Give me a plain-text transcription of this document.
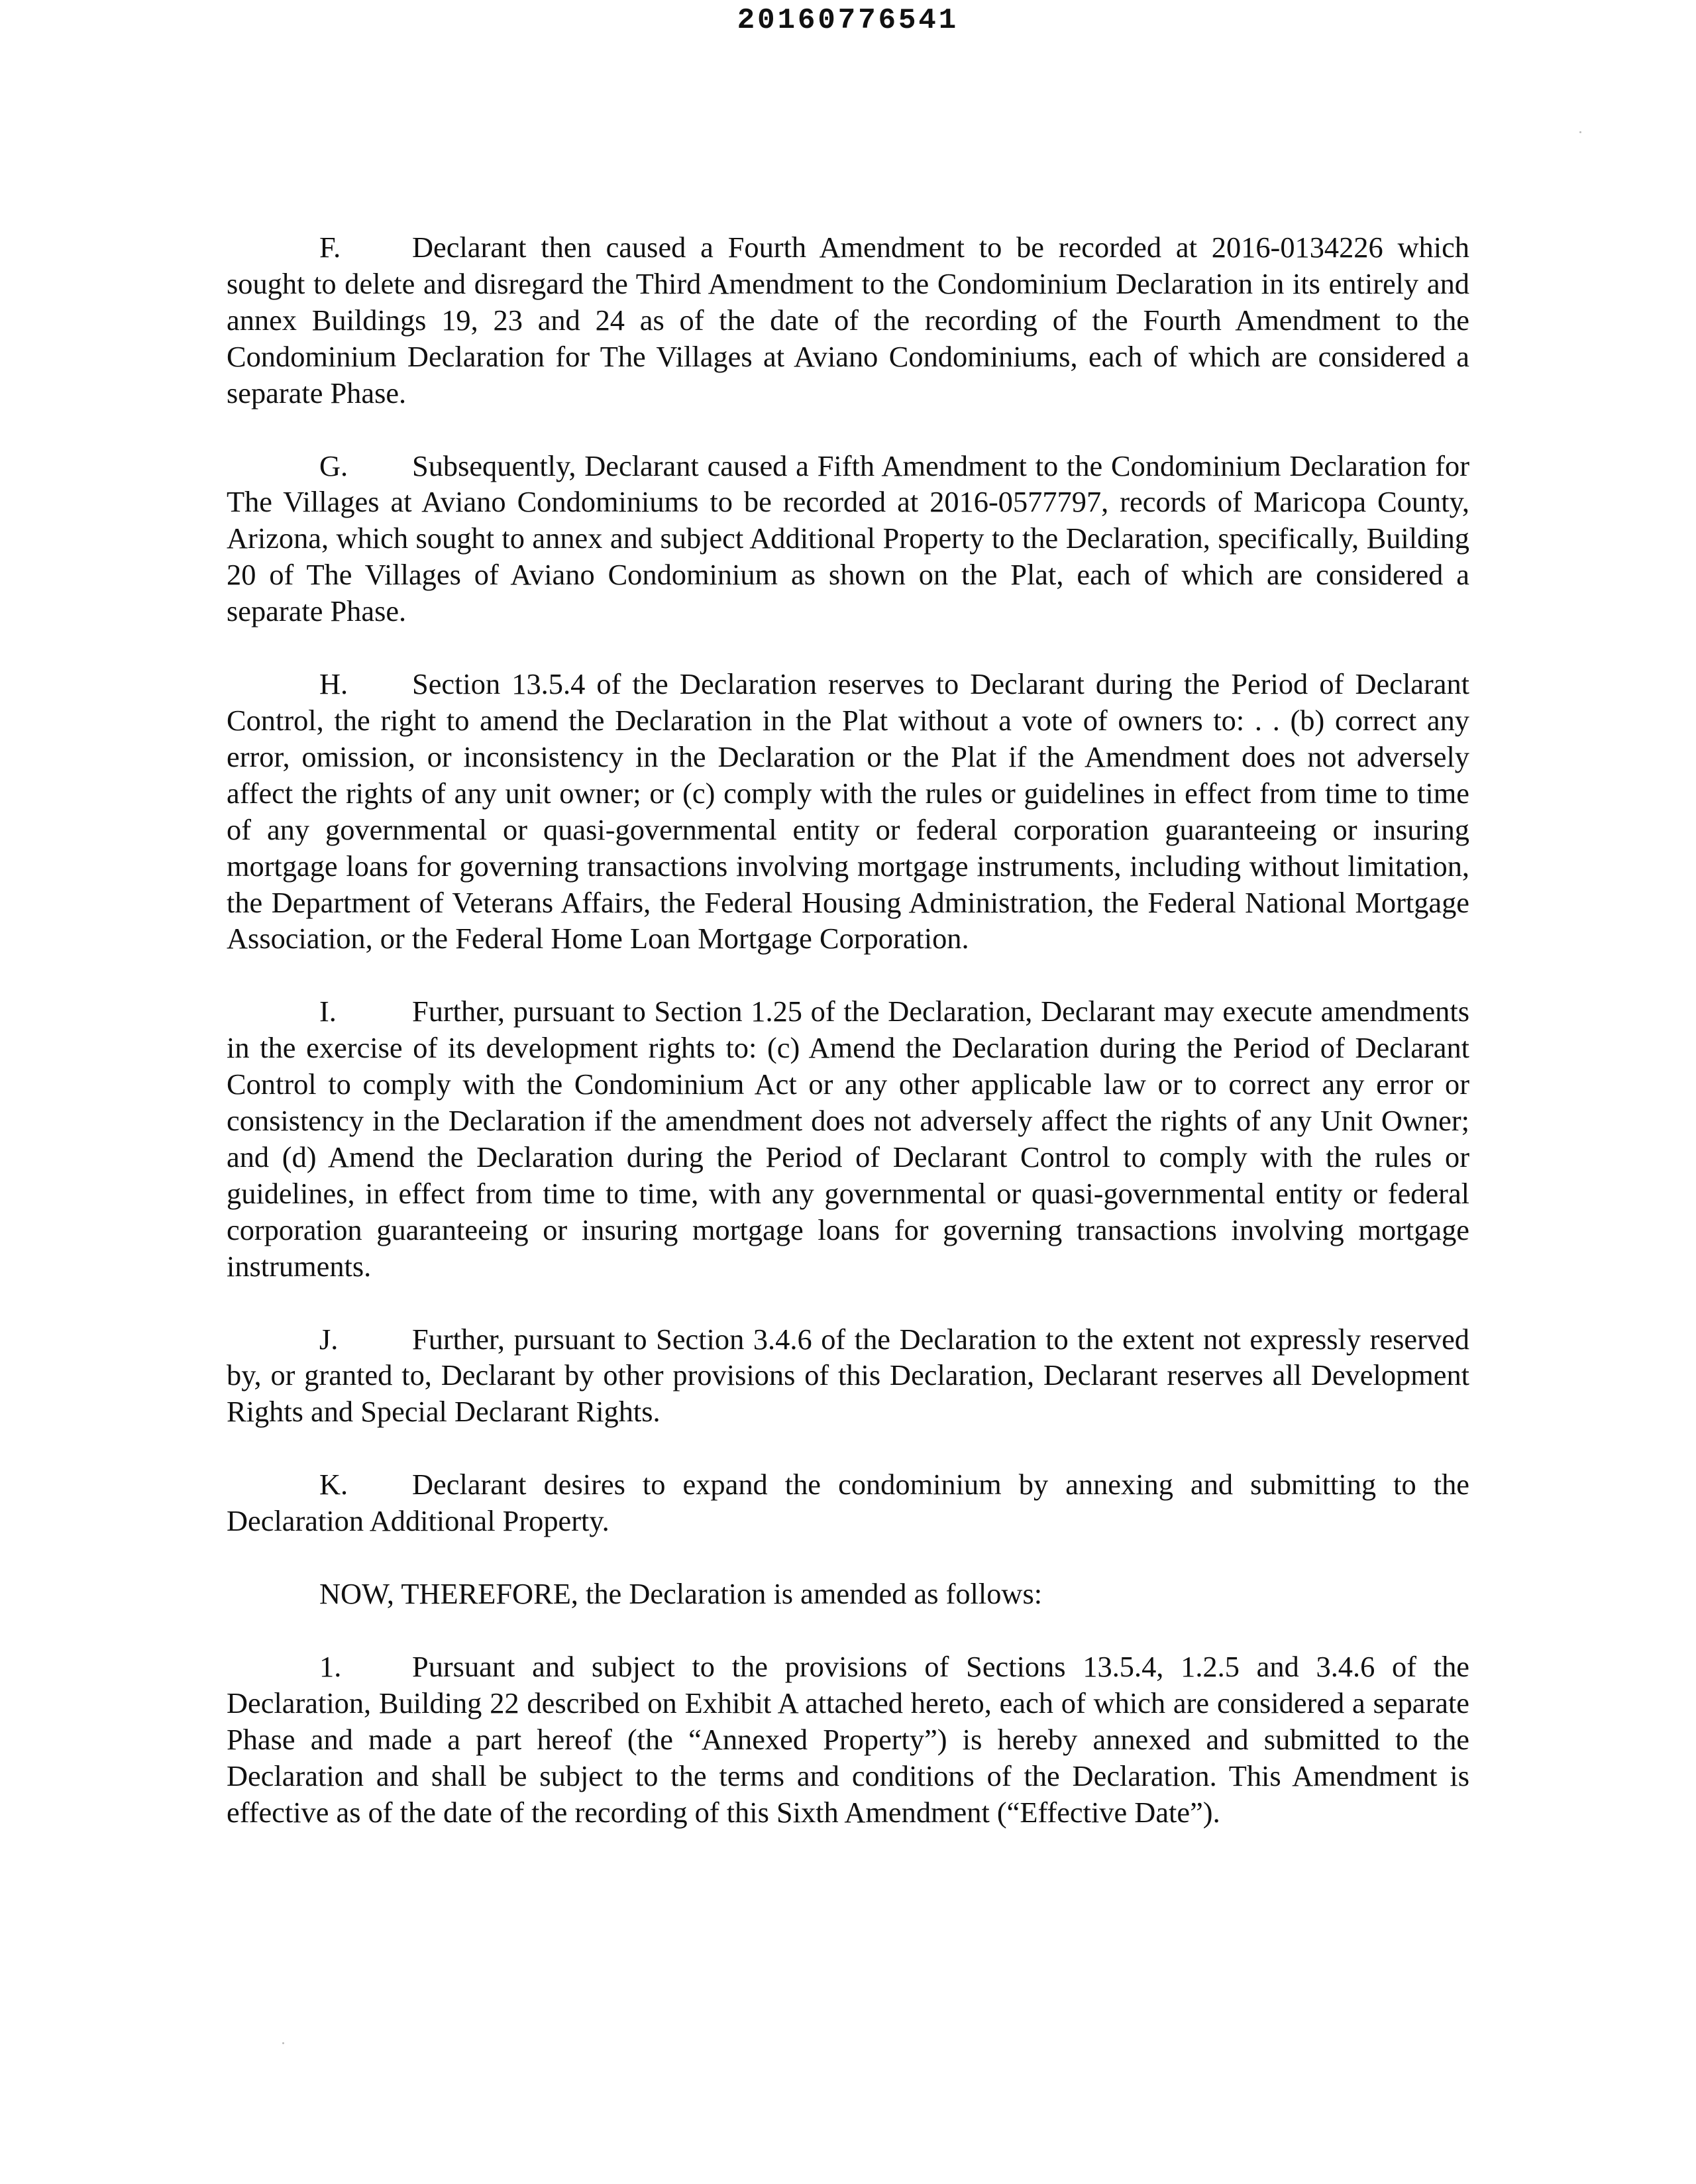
20160776541

F. Declarant then caused a Fourth Amendment to be recorded at 2016-0134226 which sought to delete and disregard the Third Amendment to the Condominium Declaration in its entirely and annex Buildings 19, 23 and 24 as of the date of the recording of the Fourth Amendment to the Condominium Declaration for The Villages at Aviano Condominiums, each of which are considered a separate Phase.

G. Subsequently, Declarant caused a Fifth Amendment to the Condominium Declaration for The Villages at Aviano Condominiums to be recorded at 2016-0577797, records of Maricopa County, Arizona, which sought to annex and subject Additional Property to the Declaration, specifically, Building 20 of The Villages of Aviano Condominium as shown on the Plat, each of which are considered a separate Phase.

H. Section 13.5.4 of the Declaration reserves to Declarant during the Period of Declarant Control, the right to amend the Declaration in the Plat without a vote of owners to: . . (b) correct any error, omission, or inconsistency in the Declaration or the Plat if the Amendment does not adversely affect the rights of any unit owner; or (c) comply with the rules or guidelines in effect from time to time of any governmental or quasi-governmental entity or federal corporation guaranteeing or insuring mortgage loans for governing transactions involving mortgage instruments, including without limitation, the Department of Veterans Affairs, the Federal Housing Administration, the Federal National Mortgage Association, or the Federal Home Loan Mortgage Corporation.

I.	Further, pursuant to Section 1.25 of the Declaration, Declarant may execute amendments in the exercise of its development rights to: (c) Amend the Declaration during the Period of Declarant Control to comply with the Condominium Act or any other applicable law or to correct any error or consistency in the Declaration if the amendment does not adversely affect the rights of any Unit Owner; and (d) Amend the Declaration during the Period of Declarant Control to comply with the rules or guidelines, in effect from time to time, with any governmental or quasi-governmental entity or federal corporation guaranteeing or insuring mortgage loans for governing transactions involving mortgage instruments.

J.	Further, pursuant to Section 3.4.6 of the Declaration to the extent not expressly reserved by, or granted to, Declarant by other provisions of this Declaration, Declarant reserves all Development Rights and Special Declarant Rights.

K. Declarant desires to expand the condominium by annexing and submitting to the Declaration Additional Property.

NOW, THEREFORE, the Declaration is amended as follows:

1. Pursuant and subject to the provisions of Sections 13.5.4, 1.2.5 and 3.4.6 of the Declaration, Building 22 described on Exhibit A attached hereto, each of which are considered a separate Phase and made a part hereof (the “Annexed Property”) is hereby annexed and submitted to the Declaration and shall be subject to the terms and conditions of the Declaration. This Amendment is effective as of the date of the recording of this Sixth Amendment (“Effective Date”).
